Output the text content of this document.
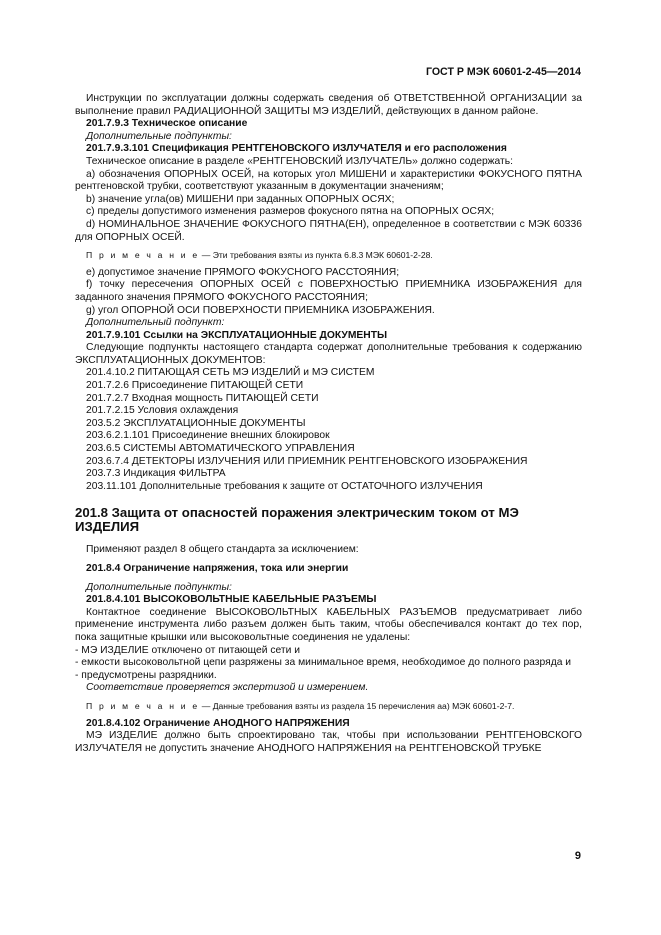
ГОСТ Р МЭК 60601-2-45—2014

Инструкции по эксплуатации должны содержать сведения об ОТВЕТСТВЕННОЙ ОРГАНИЗАЦИИ за выполнение правил РАДИАЦИОННОЙ ЗАЩИТЫ МЭ ИЗДЕЛИЙ, действующих в данном районе.

201.7.9.3 Техническое описание

Дополнительные подпункты:

201.7.9.3.101 Спецификация РЕНТГЕНОВСКОГО ИЗЛУЧАТЕЛЯ и его расположения

Техническое описание в разделе «РЕНТГЕНОВСКИЙ ИЗЛУЧАТЕЛЬ» должно содержать:

a) обозначения ОПОРНЫХ ОСЕЙ, на которых угол МИШЕНИ и характеристики ФОКУСНОГО ПЯТНА рентгеновской трубки, соответствуют указанным в документации значениям;

b) значение угла(ов) МИШЕНИ при заданных ОПОРНЫХ ОСЯХ;

c) пределы допустимого изменения размеров фокусного пятна на ОПОРНЫХ ОСЯХ;

d) НОМИНАЛЬНОЕ ЗНАЧЕНИЕ ФОКУСНОГО ПЯТНА(ЕН), определенное в соответствии с МЭК 60336 для ОПОРНЫХ ОСЕЙ.

П р и м е ч а н и е — Эти требования взяты из пункта 6.8.3 МЭК 60601-2-28.

e) допустимое значение ПРЯМОГО ФОКУСНОГО РАССТОЯНИЯ;

f) точку пересечения ОПОРНЫХ ОСЕЙ с ПОВЕРХНОСТЬЮ ПРИЕМНИКА ИЗОБРАЖЕНИЯ для заданного значения ПРЯМОГО ФОКУСНОГО РАССТОЯНИЯ;

g) угол ОПОРНОЙ ОСИ ПОВЕРХНОСТИ ПРИЕМНИКА ИЗОБРАЖЕНИЯ.

Дополнительный подпункт:

201.7.9.101 Ссылки на ЭКСПЛУАТАЦИОННЫЕ ДОКУМЕНТЫ

Следующие подпункты настоящего стандарта содержат дополнительные требования к содержанию ЭКСПЛУАТАЦИОННЫХ ДОКУМЕНТОВ:

201.4.10.2 ПИТАЮЩАЯ СЕТЬ МЭ ИЗДЕЛИЙ и МЭ СИСТЕМ

201.7.2.6 Присоединение ПИТАЮЩЕЙ СЕТИ

201.7.2.7 Входная мощность ПИТАЮЩЕЙ СЕТИ

201.7.2.15 Условия охлаждения

203.5.2 ЭКСПЛУАТАЦИОННЫЕ ДОКУМЕНТЫ

203.6.2.1.101 Присоединение внешних блокировок

203.6.5 СИСТЕМЫ АВТОМАТИЧЕСКОГО УПРАВЛЕНИЯ

203.6.7.4 ДЕТЕКТОРЫ ИЗЛУЧЕНИЯ ИЛИ ПРИЕМНИК РЕНТГЕНОВСКОГО ИЗОБРАЖЕНИЯ

203.7.3 Индикация ФИЛЬТРА

203.11.101 Дополнительные требования к защите от ОСТАТОЧНОГО ИЗЛУЧЕНИЯ

201.8 Защита от опасностей поражения электрическим током от МЭ ИЗДЕЛИЯ

Применяют раздел 8 общего стандарта за исключением:

201.8.4 Ограничение напряжения, тока или энергии

Дополнительные подпункты:

201.8.4.101 ВЫСОКОВОЛЬТНЫЕ КАБЕЛЬНЫЕ РАЗЪЕМЫ

Контактное соединение ВЫСОКОВОЛЬТНЫХ КАБЕЛЬНЫХ РАЗЪЕМОВ предусматривает либо применение инструмента либо разъем должен быть таким, чтобы обеспечивался контакт до тех пор, пока защитные крышки или высоковольтные соединения не удалены:

- МЭ ИЗДЕЛИЕ отключено от питающей сети и

- емкости высоковольтной цепи разряжены за минимальное время, необходимое до полного разряда и

- предусмотрены разрядники.

Соответствие проверяется экспертизой и измерением.

П р и м е ч а н и е — Данные требования взяты из раздела 15 перечисления аа) МЭК 60601-2-7.

201.8.4.102 Ограничение АНОДНОГО НАПРЯЖЕНИЯ

МЭ ИЗДЕЛИЕ должно быть спроектировано так, чтобы при использовании РЕНТГЕНОВСКОГО ИЗЛУЧАТЕЛЯ не допустить значение АНОДНОГО НАПРЯЖЕНИЯ на РЕНТГЕНОВСКОЙ ТРУБКЕ

9
